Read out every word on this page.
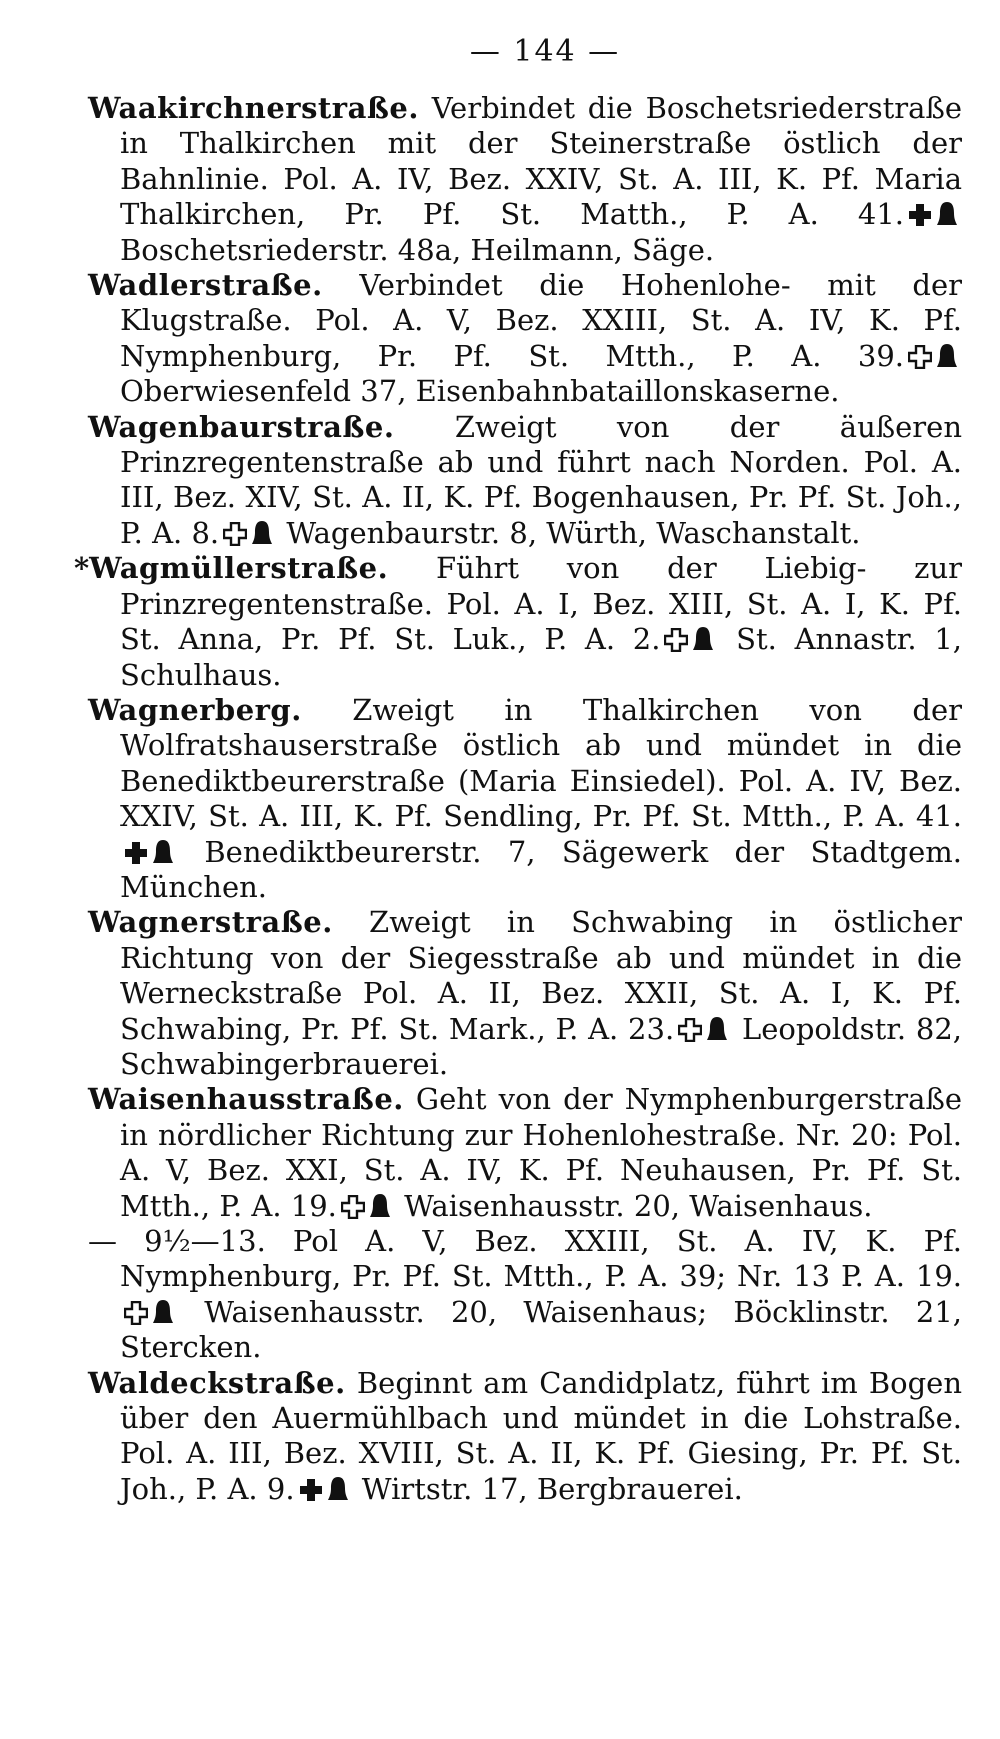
— 144 —
Waakirchnerstraße. Verbindet die Boschetsriederstraße in Thalkirchen mit der Steinerstraße östlich der Bahnlinie. Pol. A. IV, Bez. XXIV, St. A. III, K. Pf. Maria Thalkirchen, Pr. Pf. St. Matth., P. A. 41.
Boschetsriederstr. 48a, Heilmann, Säge.
Wadlerstraße. Verbindet die Hohenlohe- mit der Klugstraße. Pol. A. V, Bez. XXIII, St. A. IV, K. Pf. Nymphenburg, Pr. Pf. St. Mtth., P. A. 39.
Oberwiesenfeld 37, Eisenbahnbataillonskaserne.
Wagenbaurstraße. Zweigt von der äußeren Prinzregentenstraße ab und führt nach Norden. Pol. A. III, Bez. XIV, St. A. II, K. Pf. Bogenhausen, Pr. Pf. St. Joh., P. A. 8.
Wagenbaurstr. 8, Würth, Waschanstalt.
*Wagmüllerstraße. Führt von der Liebig- zur Prinzregentenstraße. Pol. A. I, Bez. XIII, St. A. I, K. Pf. St. Anna, Pr. Pf. St. Luk., P. A. 2.
St. Annastr. 1, Schulhaus.
Wagnerberg. Zweigt in Thalkirchen von der Wolfratshauserstraße östlich ab und mündet in die Benediktbeurerstraße (Maria Einsiedel). Pol. A. IV, Bez. XXIV, St. A. III, K. Pf. Sendling, Pr. Pf. St. Mtth., P. A. 41.
Benediktbeurerstr. 7, Sägewerk der Stadtgem. München.
Wagnerstraße. Zweigt in Schwabing in östlicher Richtung von der Siegesstraße ab und mündet in die Werneckstraße Pol. A. II, Bez. XXII, St. A. I, K. Pf. Schwabing, Pr. Pf. St. Mark., P. A. 23.
Leopoldstr. 82, Schwabingerbrauerei.
Waisenhausstraße. Geht von der Nymphenburgerstraße in nördlicher Richtung zur Hohenlohestraße. Nr. 20: Pol. A. V, Bez. XXI, St. A. IV, K. Pf. Neuhausen, Pr. Pf. St. Mtth., P. A. 19.
Waisenhausstr. 20, Waisenhaus.
— 9½—13. Pol A. V, Bez. XXIII, St. A. IV, K. Pf. Nymphenburg, Pr. Pf. St. Mtth., P. A. 39; Nr. 13 P. A. 19.
Waisenhausstr. 20, Waisenhaus; Böcklinstr. 21, Stercken.
Waldeckstraße. Beginnt am Candidplatz, führt im Bogen über den Auermühlbach und mündet in die Lohstraße. Pol. A. III, Bez. XVIII, St. A. II, K. Pf. Giesing, Pr. Pf. St. Joh., P. A. 9.
Wirtstr. 17, Bergbrauerei.
